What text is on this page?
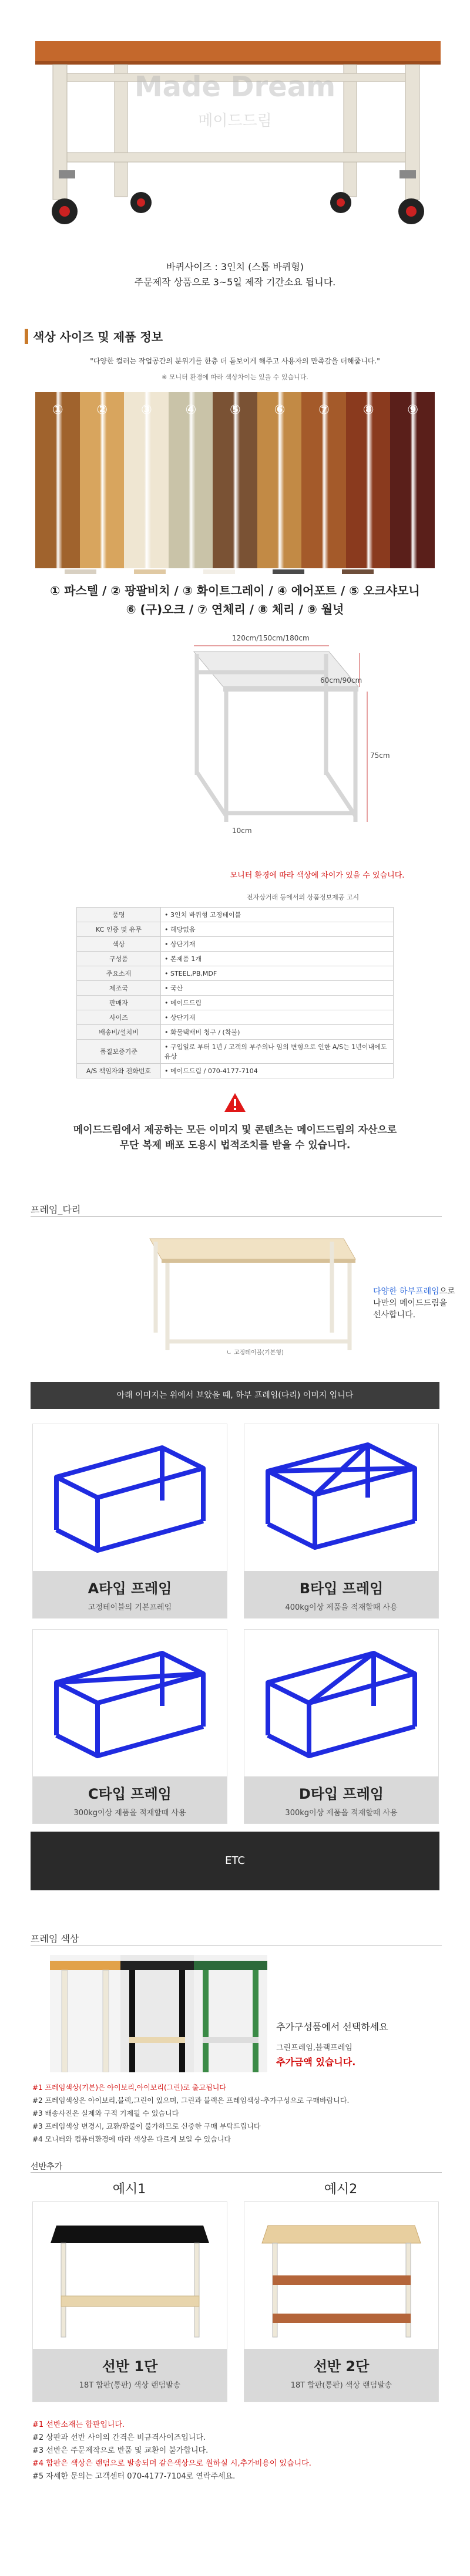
Made Dream
메이드드림
바퀴사이즈 : 3인치 (스톱 바퀴형)
주문제작 상품으로 3~5일 제작 기간소요 됩니다.
색상 사이즈 및 제품 정보
"다양한 컬러는 작업공간의 분위기를 한층 더 돋보이게 해주고 사용자의 만족감을 더해줍니다."
※ 모니터 환경에 따라 색상차이는 있을 수 있습니다.
①	②	③	④	⑤	⑥	⑦	⑧	⑨
① 파스텔 / ② 팡팔비치 / ③ 화이트그레이 / ④ 에어포트 / ⑤ 오크샤모니
⑥ (구)오크 / ⑦ 연체리 / ⑧ 체리 / ⑨ 월넛
120cm/150cm/180cm
60cm/90cm
75cm
10cm
모니터 환경에 따라 색상에 차이가 있을 수 있습니다.
전자상거래 등에서의 상품정보제공 고시
품명	• 3인치 바퀴형 고정테이블
KC 인증 및 유무	• 해당없음
색상	• 상단기재
구성품	• 본제품 1개
주요소재	• STEEL,PB,MDF
제조국	• 국산
판매자	• 메이드드림
사이즈	• 상단기재
배송비/설치비	• 화물택배비 청구 / (착불)
품질보증기준	• 구입일로 부터 1년 / 고객의 부주의나 임의 변형으로 인한 A/S는 1년이내에도 유상
A/S 책임자와 전화번호	• 메이드드림 / 070-4177-7104
메이드드림에서 제공하는 모든 이미지 및 콘텐츠는 메이드드림의 자산으로
무단 복제 배포 도용시 법적조치를 받을 수 있습니다.
프레임_다리
ㄴ 고정테이블(기본형)
다양한 하부프레임으로
나만의 메이드드림을
선사합니다.
아래 이미지는 위에서 보았을 때, 하부 프레임(다리) 이미지 입니다
A타입 프레임
고정테이블의 기본프레임
B타입 프레임
400kg이상 제품을 적재할때 사용
C타입 프레임
300kg이상 제품을 적재할때 사용
D타입 프레임
300kg이상 제품을 적재할때 사용
ETC
프레임 색상
추가구성품에서 선택하세요
그린프레임,블랙프레임
추가금액 있습니다.
#1 프레임색상(기본)은 아이보리,아이보리(그린)로 출고됩니다
#2 프레임색상은 아이보리,블랙,그린이 있으며, 그린과 블랙은 프레임색상-추가구성으로 구매바랍니다.
#3 배송사진은 실제와 구적 기제될 수 있습니다
#3 프레임색상 변경시, 교환/환불이 불가하므로 신중한 구매 부탁드립니다
#4 모니터와 컴퓨터환경에 따라 색상은 다르게 보일 수 있습니다
선반추가
예시1	예시2
선반 1단
18T 합판(통판) 색상 랜덤발송
선반 2단
18T 합판(통판) 색상 랜덤발송
#1 선반소재는 합판입니다.
#2 상판과 선반 사이의 간격은 비규격사이즈입니다.
#3 선반은 주문제작으로 반품 및 교환이 불가합니다.
#4 합판은 색상은 랜덤으로 발송되며 같은색상으로 원하실 시,추가비용이 있습니다.
#5 자세한 문의는 고객센터 070-4177-7104로 연락주세요.
